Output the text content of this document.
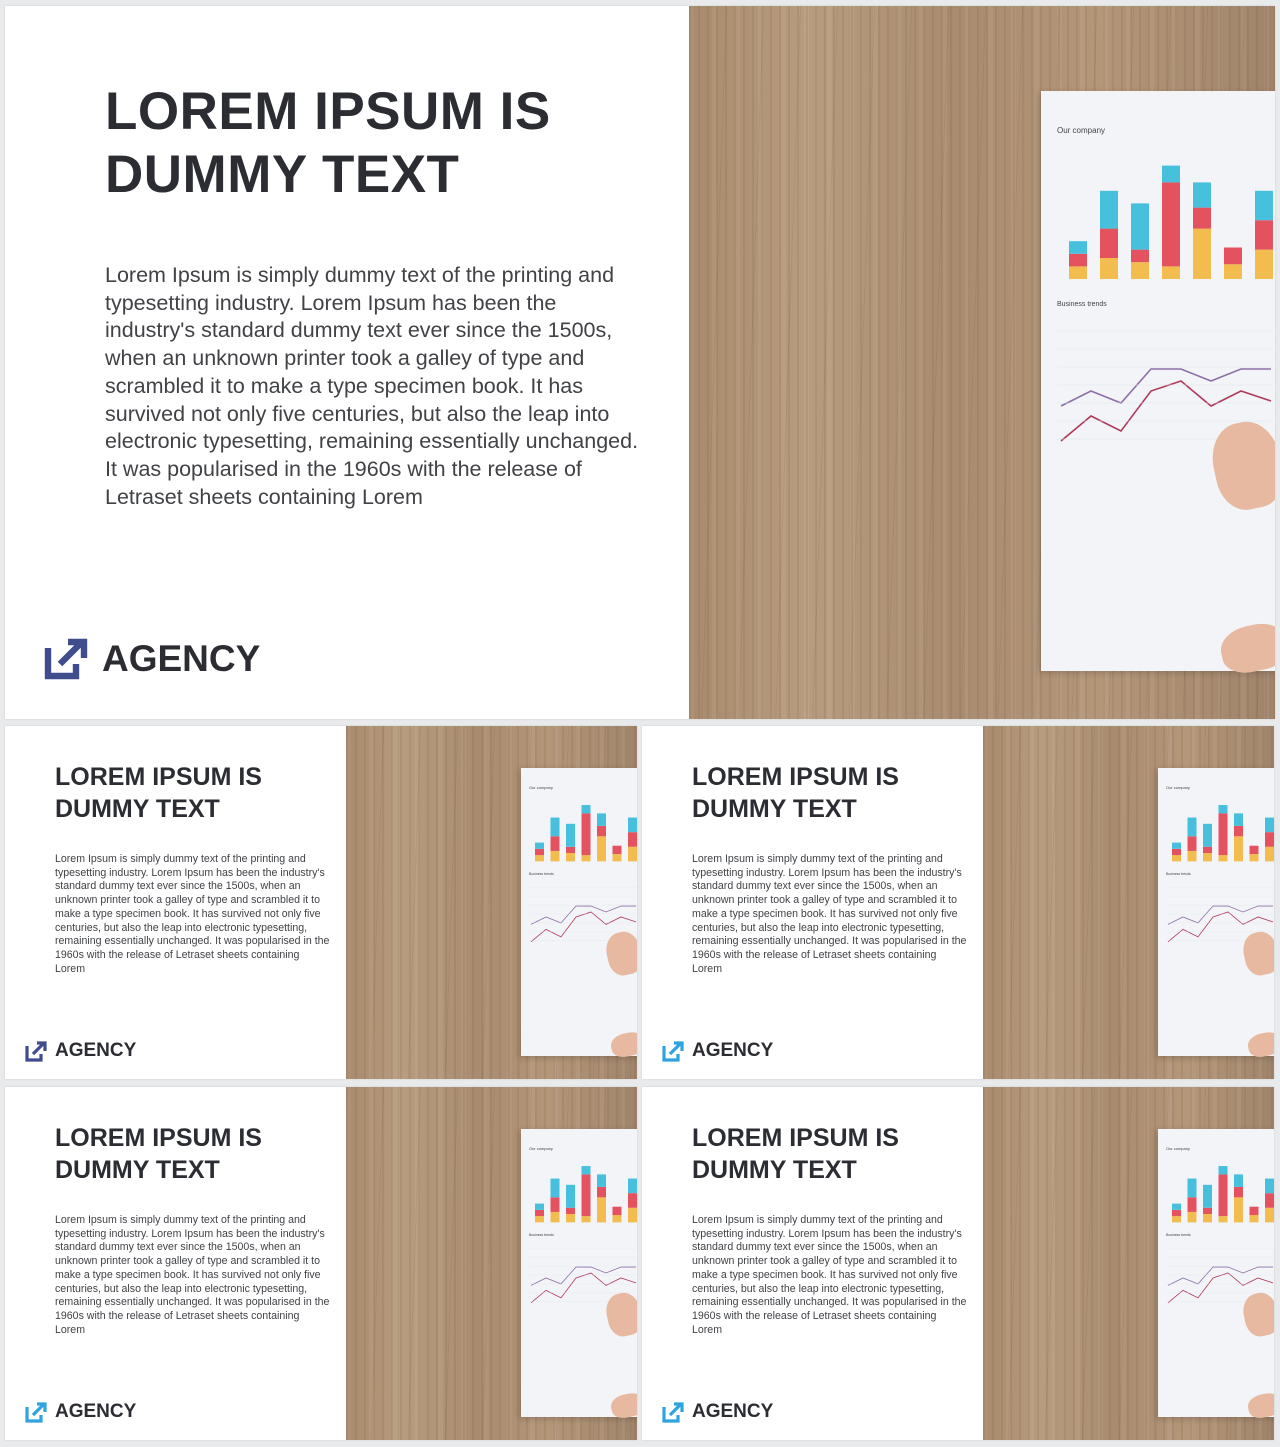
LOREM IPSUM IS
DUMMY TEXT

Lorem Ipsum is simply dummy text of the printing and typesetting industry. Lorem Ipsum has been the industry's standard dummy text ever since the 1500s, when an unknown printer took a galley of type and scrambled it to make a type specimen book. It has survived not only five centuries, but also the leap into electronic typesetting, remaining essentially unchanged. It was popularised in the 1960s with the release of Letraset sheets containing Lorem

AGENCY
Our company
Business trends
LOREM IPSUM IS
DUMMY TEXT

Lorem Ipsum is simply dummy text of the printing and typesetting industry. Lorem Ipsum has been the industry's standard dummy text ever since the 1500s, when an unknown printer took a galley of type and scrambled it to make a type specimen book. It has survived not only five centuries, but also the leap into electronic typesetting, remaining essentially unchanged. It was popularised in the 1960s with the release of Letraset sheets containing Lorem

AGENCY
Our company
Business trends
LOREM IPSUM IS
DUMMY TEXT

Lorem Ipsum is simply dummy text of the printing and typesetting industry. Lorem Ipsum has been the industry's standard dummy text ever since the 1500s, when an unknown printer took a galley of type and scrambled it to make a type specimen book. It has survived not only five centuries, but also the leap into electronic typesetting, remaining essentially unchanged. It was popularised in the 1960s with the release of Letraset sheets containing Lorem

AGENCY
Our company
Business trends
LOREM IPSUM IS
DUMMY TEXT

Lorem Ipsum is simply dummy text of the printing and typesetting industry. Lorem Ipsum has been the industry's standard dummy text ever since the 1500s, when an unknown printer took a galley of type and scrambled it to make a type specimen book. It has survived not only five centuries, but also the leap into electronic typesetting, remaining essentially unchanged. It was popularised in the 1960s with the release of Letraset sheets containing Lorem

AGENCY
Our company
Business trends
LOREM IPSUM IS
DUMMY TEXT

Lorem Ipsum is simply dummy text of the printing and typesetting industry. Lorem Ipsum has been the industry's standard dummy text ever since the 1500s, when an unknown printer took a galley of type and scrambled it to make a type specimen book. It has survived not only five centuries, but also the leap into electronic typesetting, remaining essentially unchanged. It was popularised in the 1960s with the release of Letraset sheets containing Lorem

AGENCY
Our company
Business trends
